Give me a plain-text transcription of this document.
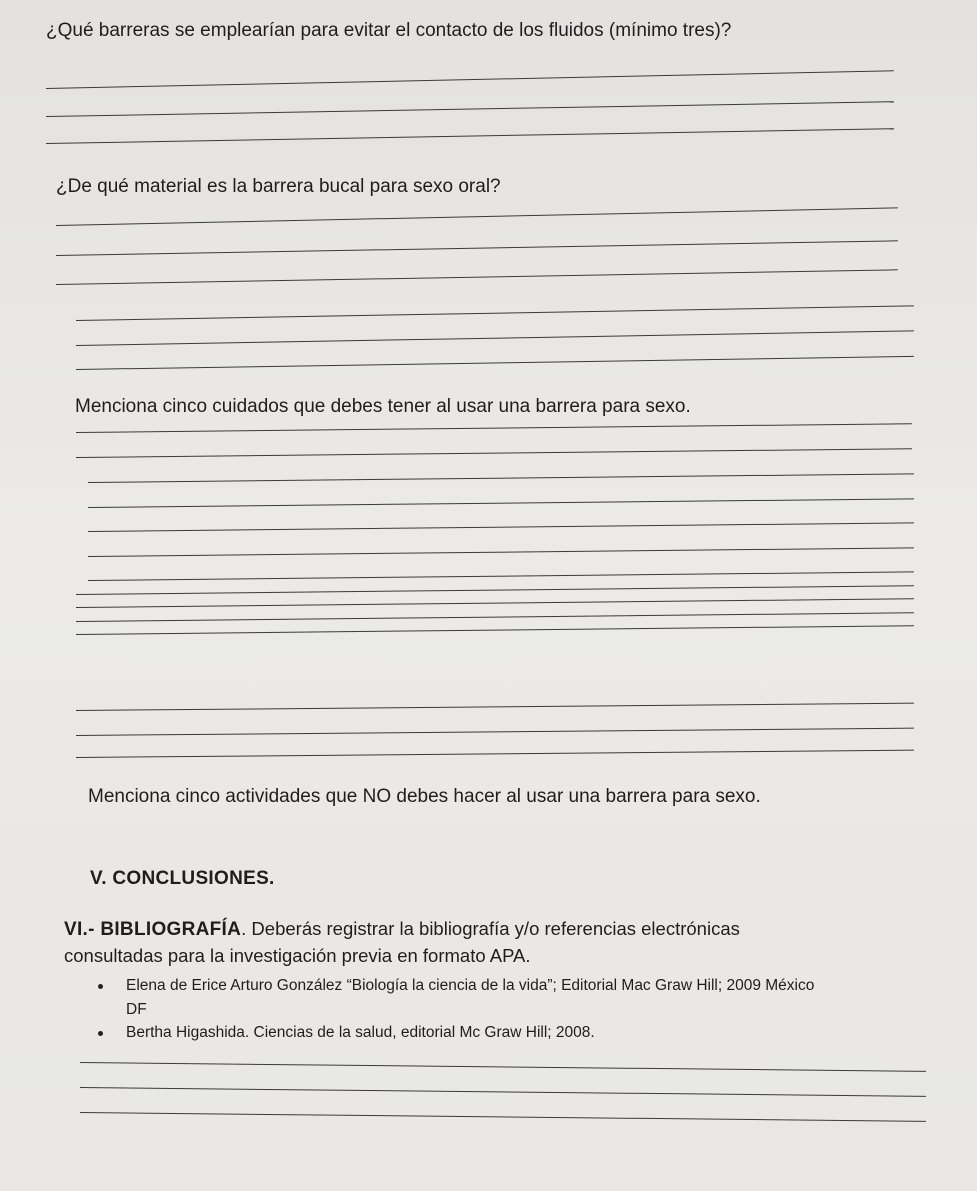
¿Qué barreras se emplearían para evitar el contacto de los fluidos (mínimo tres)?
¿De qué material es la barrera bucal para sexo oral?
Menciona cinco cuidados que debes tener al usar una barrera para sexo.
Menciona cinco actividades que NO debes hacer al usar una barrera para sexo.
V. CONCLUSIONES.
VI.- BIBLIOGRAFÍA. Deberás registrar la bibliografía y/o referencias electrónicas
consultadas para la investigación previa en formato APA.
Elena de Erice Arturo González “Biología la ciencia de la vida”; Editorial Mac Graw Hill; 2009 México
DF
Bertha Higashida. Ciencias de la salud, editorial Mc Graw Hill; 2008.
